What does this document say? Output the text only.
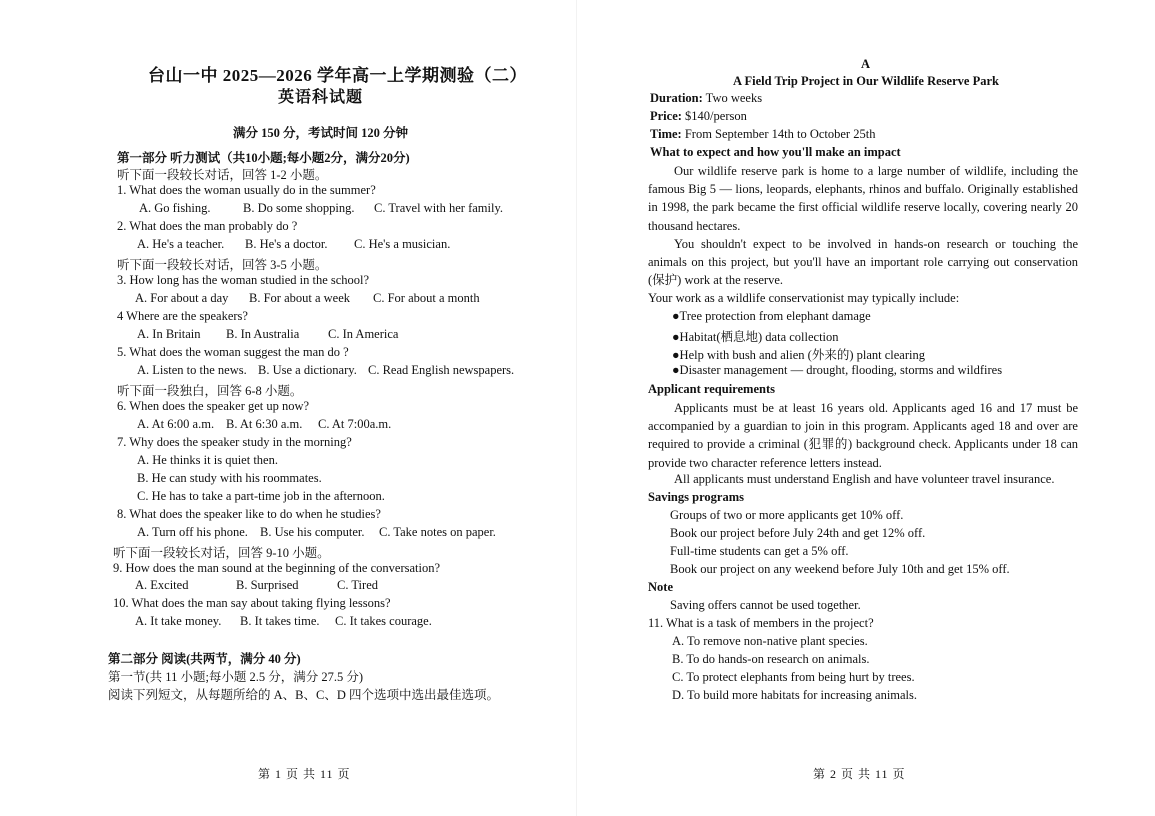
台山一中 2025—2026 学年高一上学期测验（二）
英语科试题
满分 150 分，考试时间 120 分钟
第一部分 听力测试（共10小题;每小题2分，满分20分)
听下面一段较长对话，回答 1-2 小题。
1. What does the woman usually do in the summer?
A. Go fishing.	B. Do some shopping. C. Travel with her family.
2. What does the man probably do ?
A. He's a teacher. B. He's a doctor. C. He's a musician.
听下面一段较长对话，回答 3-5 小题。
3. How long has the woman studied in the school?
A. For about a day B. For about a week C. For about a month
4 Where are the speakers?
A. In Britain B. In Australia C. In America
5. What does the woman suggest the man do ?
A. Listen to the news. B. Use a dictionary. C. Read English newspapers.
听下面一段独白，回答 6-8 小题。
6. When does the speaker get up now?
A. At 6:00 a.m. B. At 6:30 a.m. C. At 7:00a.m.
7. Why does the speaker study in the morning?
A. He thinks it is quiet then.
B. He can study with his roommates.
C. He has to take a part-time job in the afternoon.
8. What does the speaker like to do when he studies?
A. Turn off his phone. B. Use his computer. C. Take notes on paper.
听下面一段较长对话，回答 9-10 小题。
9. How does the man sound at the beginning of the conversation?
A. Excited	B. Surprised	C. Tired
10. What does the man say about taking flying lessons?
A. It take money. B. It takes time. C. It takes courage.
第二部分 阅读(共两节，满分 40 分)
第一节(共 11 小题;每小题 2.5 分，满分 27.5 分)
阅读下列短文，从每题所给的 A、B、C、D 四个选项中选出最佳选项。
第 1 页 共 11 页
A
A Field Trip Project in Our Wildlife Reserve Park
Duration: Two weeks
Price: $140/person
Time: From September 14th to October 25th
What to expect and how you'll make an impact
Our wildlife reserve park is home to a large number of wildlife, including the famous Big 5 — lions, leopards, elephants, rhinos and buffalo. Originally established in 1998, the park became the first official wildlife reserve locally, covering nearly 20 thousand hectares.
You shouldn't expect to be involved in hands-on research or touching the animals on this project, but you'll have an important role carrying out conservation (保护) work at the reserve.
Your work as a wildlife conservationist may typically include:
●Tree protection from elephant damage
●Habitat(栖息地) data collection
●Help with bush and alien (外来的) plant clearing
●Disaster management — drought, flooding, storms and wildfires
Applicant requirements
Applicants must be at least 16 years old. Applicants aged 16 and 17 must be accompanied by a guardian to join in this program. Applicants aged 18 and over are required to provide a criminal (犯罪的) background check. Applicants under 18 can provide two character reference letters instead.
All applicants must understand English and have volunteer travel insurance.
Savings programs
Groups of two or more applicants get 10% off.
Book our project before July 24th and get 12% off.
Full-time students can get a 5% off.
Book our project on any weekend before July 10th and get 15% off.
Note
Saving offers cannot be used together.
11. What is a task of members in the project?
A. To remove non-native plant species.
B. To do hands-on research on animals.
C. To protect elephants from being hurt by trees.
D. To build more habitats for increasing animals.
第 2 页 共 11 页
